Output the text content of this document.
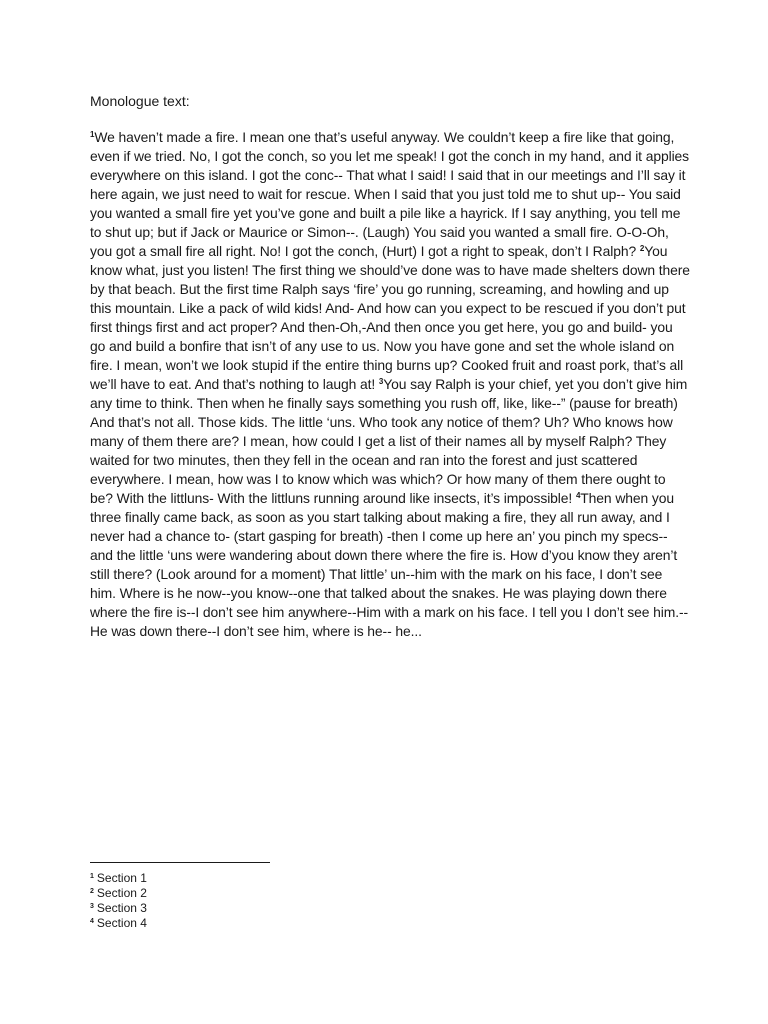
Monologue text:

$^1$We haven’t made a fire. I mean one that’s useful anyway. We couldn’t keep a fire like that going, even if we tried. No, I got the conch, so you let me speak! I got the conch in my hand, and it applies everywhere on this island. I got the conc-- That what I said! I said that in our meetings and I’ll say it here again, we just need to wait for rescue. When I said that you just told me to shut up-- You said you wanted a small fire yet you’ve gone and built a pile like a hayrick. If I say anything, you tell me to shut up; but if Jack or Maurice or Simon--. (Laugh) You said you wanted a small fire. O-O-Oh, you got a small fire all right. No! I got the conch, (Hurt) I got a right to speak, don’t I Ralph? $^2$You know what, just you listen! The first thing we should’ve done was to have made shelters down there by that beach. But the first time Ralph says ‘fire’ you go running, screaming, and howling and up this mountain. Like a pack of wild kids! And- And how can you expect to be rescued if you don’t put first things first and act proper? And then-Oh,-And then once you get here, you go and build- you go and build a bonfire that isn’t of any use to us. Now you have gone and set the whole island on fire. I mean, won’t we look stupid if the entire thing burns up? Cooked fruit and roast pork, that’s all we’ll have to eat. And that’s nothing to laugh at! $^3$You say Ralph is your chief, yet you don’t give him any time to think. Then when he finally says something you rush off, like, like--” (pause for breath) And that’s not all. Those kids. The little ‘uns. Who took any notice of them? Uh? Who knows how many of them there are? I mean, how could I get a list of their names all by myself Ralph? They waited for two minutes, then they fell in the ocean and ran into the forest and just scattered everywhere. I mean, how was I to know which was which? Or how many of them there ought to be? With the littluns- With the littluns running around like insects, it’s impossible! $^4$Then when you three finally came back, as soon as you start talking about making a fire, they all run away, and I never had a chance to- (start gasping for breath) -then I come up here an’ you pinch my specs--and the little ‘uns were wandering about down there where the fire is. How d’you know they aren’t still there? (Look around for a moment) That little’ un--him with the mark on his face, I don’t see him. Where is he now--you know--one that talked about the snakes. He was playing down there where the fire is--I don’t see him anywhere--Him with a mark on his face. I tell you I don’t see him.--He was down there--I don’t see him, where is he-- he...

$^1$ Section 1
$^2$ Section 2
$^3$ Section 3
$^4$ Section 4
